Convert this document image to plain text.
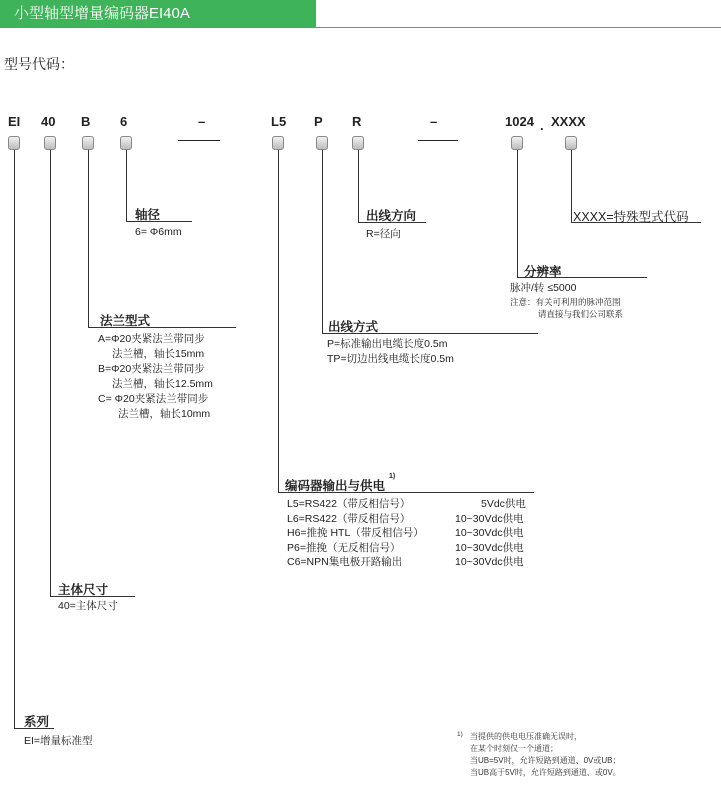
小型轴型增量编码器EI40A
型号代码：
EI 40 B 6	–	L5 P R	–	1024 . XXXX
轴径
6= Φ6mm
出线方向
R=径向
XXXX=特殊型式代码
分辨率
脉冲/转 ≤5000
注意：有关可利用的脉冲范围
请直接与我们公司联系
法兰型式
A=Φ20夹紧法兰带同步
法兰槽，轴长15mm
B=Φ20夹紧法兰带同步
法兰槽，轴长12.5mm
C= Φ20夹紧法兰带同步
法兰槽，轴长10mm
出线方式
P=标准输出电缆长度0.5m
TP=切边出线电缆长度0.5m
编码器输出与供电$^{1)}$
L5=RS422（带反相信号）	5Vdc供电
L6=RS422（带反相信号）	10~30Vdc供电
H6=推挽 HTL（带反相信号）	10~30Vdc供电
P6=推挽（无反相信号）	10~30Vdc供电
C6=NPN集电极开路输出	10~30Vdc供电
主体尺寸
40=主体尺寸
系列
EI=增量标准型
1) 当提供的供电电压准确无误时，
在某个时刻仅一个通道；
当UB=5V时，允许短路到通道、0V或UB；
当UB高于5V时，允许短路到通道、或0V。
